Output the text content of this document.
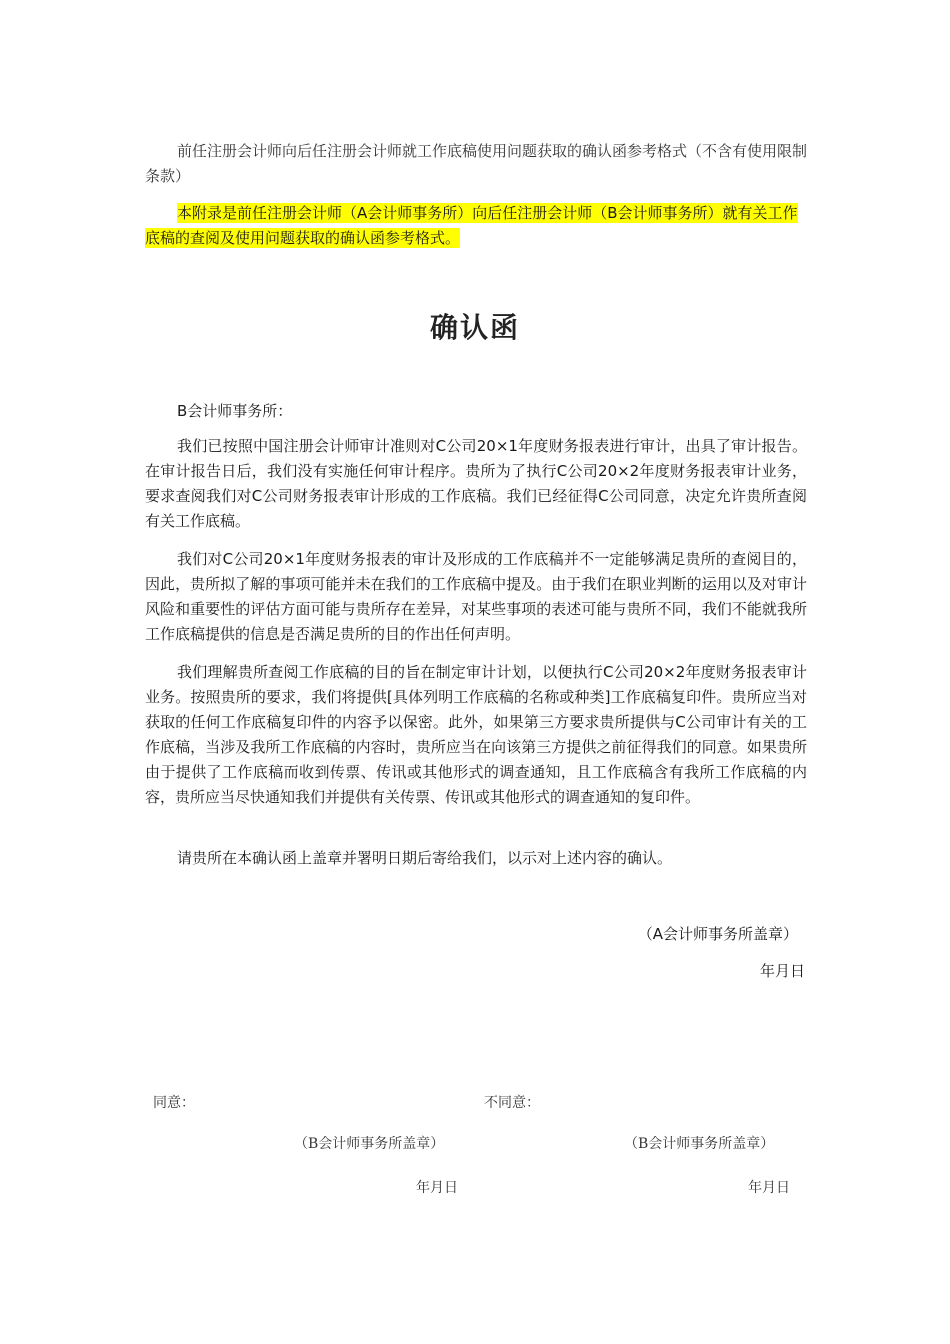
前任注册会计师向后任注册会计师就工作底稿使用问题获取的确认函参考格式（不含有使用限制条款）

本附录是前任注册会计师（A会计师事务所）向后任注册会计师（B会计师事务所）就有关工作底稿的查阅及使用问题获取的确认函参考格式。

确认函

B会计师事务所：

我们已按照中国注册会计师审计准则对C公司20×1年度财务报表进行审计，出具了审计报告。在审计报告日后，我们没有实施任何审计程序。贵所为了执行C公司20×2年度财务报表审计业务，要求查阅我们对C公司财务报表审计形成的工作底稿。我们已经征得C公司同意，决定允许贵所查阅有关工作底稿。

我们对C公司20×1年度财务报表的审计及形成的工作底稿并不一定能够满足贵所的查阅目的，因此，贵所拟了解的事项可能并未在我们的工作底稿中提及。由于我们在职业判断的运用以及对审计风险和重要性的评估方面可能与贵所存在差异，对某些事项的表述可能与贵所不同，我们不能就我所工作底稿提供的信息是否满足贵所的目的作出任何声明。

我们理解贵所查阅工作底稿的目的旨在制定审计计划，以便执行C公司20×2年度财务报表审计业务。按照贵所的要求，我们将提供[具体列明工作底稿的名称或种类]工作底稿复印件。贵所应当对获取的任何工作底稿复印件的内容予以保密。此外，如果第三方要求贵所提供与C公司审计有关的工作底稿，当涉及我所工作底稿的内容时，贵所应当在向该第三方提供之前征得我们的同意。如果贵所由于提供了工作底稿而收到传票、传讯或其他形式的调查通知，且工作底稿含有我所工作底稿的内容，贵所应当尽快通知我们并提供有关传票、传讯或其他形式的调查通知的复印件。

请贵所在本确认函上盖章并署明日期后寄给我们，以示对上述内容的确认。

（A会计师事务所盖章）

年月日

同意：	不同意：

（B会计师事务所盖章）	（B会计师事务所盖章）

年月日	年月日
